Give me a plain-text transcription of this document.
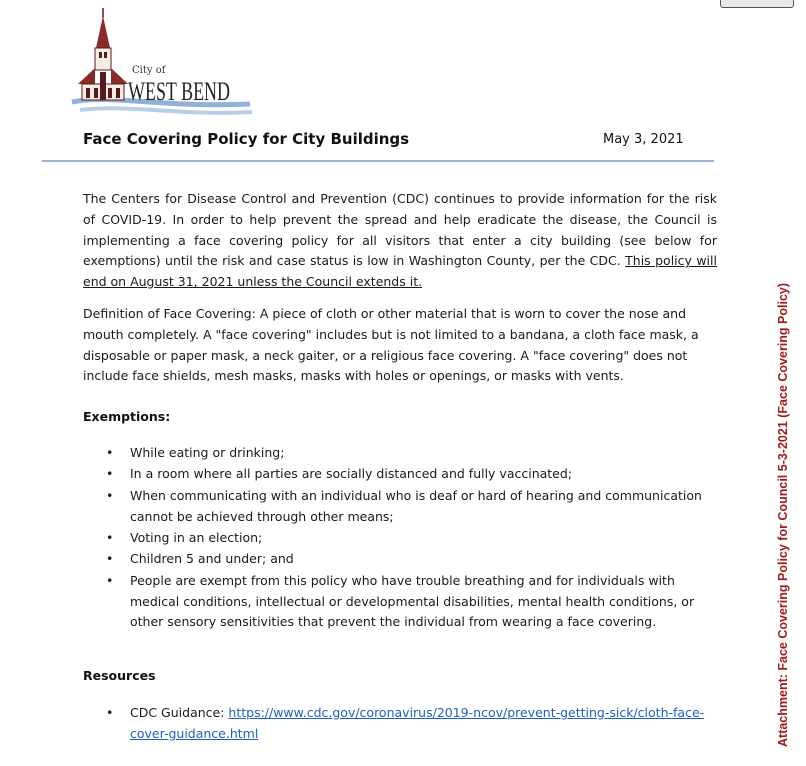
City of
WEST BEND
Face Covering Policy for City Buildings	May 3, 2021
The Centers for Disease Control and Prevention (CDC) continues to provide information for the risk of COVID-19. In order to help prevent the spread and help eradicate the disease, the Council is implementing a face covering policy for all visitors that enter a city building (see below for exemptions) until the risk and case status is low in Washington County, per the CDC. This policy will end on August 31, 2021 unless the Council extends it.
Definition of Face Covering: A piece of cloth or other material that is worn to cover the nose and mouth completely. A "face covering" includes but is not limited to a bandana, a cloth face mask, a disposable or paper mask, a neck gaiter, or a religious face covering. A "face covering" does not include face shields, mesh masks, masks with holes or openings, or masks with vents.
Exemptions:
• While eating or drinking;
• In a room where all parties are socially distanced and fully vaccinated;
• When communicating with an individual who is deaf or hard of hearing and communication cannot be achieved through other means;
• Voting in an election;
• Children 5 and under; and
• People are exempt from this policy who have trouble breathing and for individuals with medical conditions, intellectual or developmental disabilities, mental health conditions, or other sensory sensitivities that prevent the individual from wearing a face covering.
Resources
• CDC Guidance: https://www.cdc.gov/coronavirus/2019-ncov/prevent-getting-sick/cloth-face-cover-guidance.html	Attachment: Face Covering Policy for Council 5-3-2021 (Face Covering Policy)
